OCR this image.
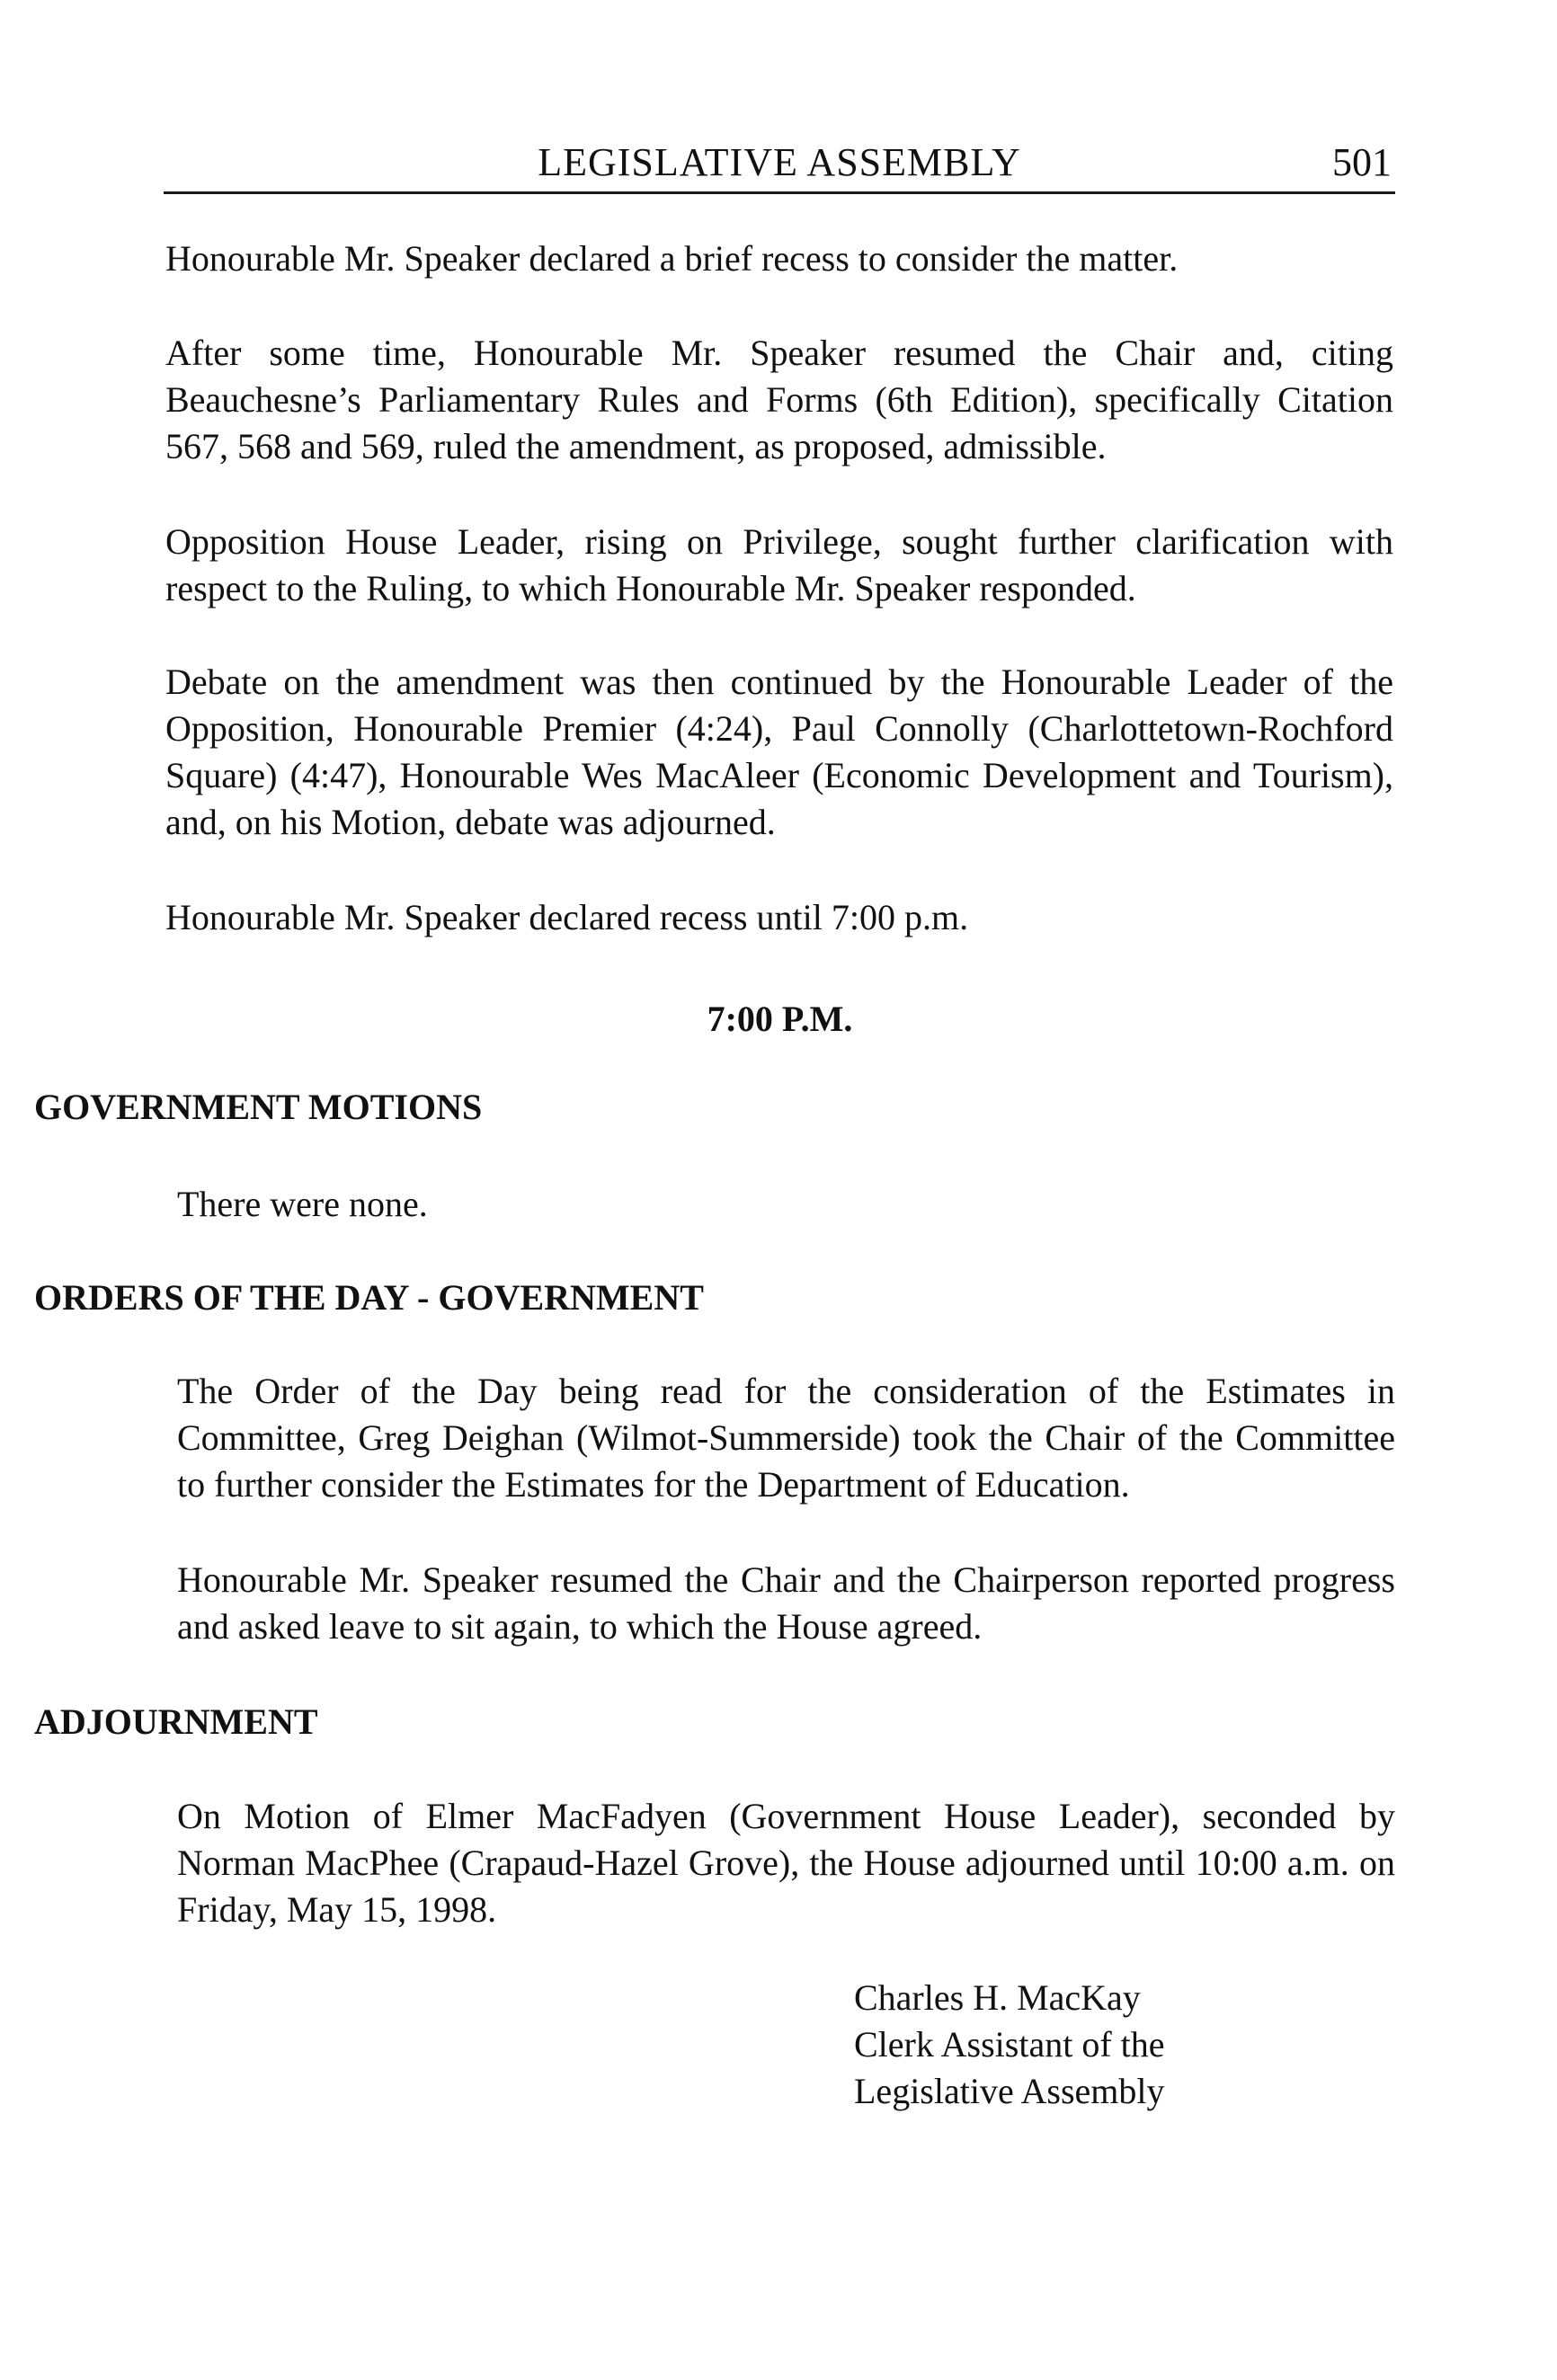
LEGISLATIVE ASSEMBLY	501

Honourable Mr. Speaker declared a brief recess to consider the matter.

After some time, Honourable Mr. Speaker resumed the Chair and, citing Beauchesne’s Parliamentary Rules and Forms (6th Edition), specifically Citation 567, 568 and 569, ruled the amendment, as proposed, admissible.

Opposition House Leader, rising on Privilege, sought further clarification with respect to the Ruling, to which Honourable Mr. Speaker responded.

Debate on the amendment was then continued by the Honourable Leader of the Opposition, Honourable Premier (4:24), Paul Connolly (Charlottetown-Rochford Square) (4:47), Honourable Wes MacAleer (Economic Development and Tourism), and, on his Motion, debate was adjourned.

Honourable Mr. Speaker declared recess until 7:00 p.m.

7:00 P.M.
GOVERNMENT MOTIONS

There were none.

ORDERS OF THE DAY - GOVERNMENT

The Order of the Day being read for the consideration of the Estimates in Committee, Greg Deighan (Wilmot-Summerside) took the Chair of the Committee to further consider the Estimates for the Department of Education.

Honourable Mr. Speaker resumed the Chair and the Chairperson reported progress and asked leave to sit again, to which the House agreed.

ADJOURNMENT

On Motion of Elmer MacFadyen (Government House Leader), seconded by Norman MacPhee (Crapaud-Hazel Grove), the House adjourned until 10:00 a.m. on Friday, May 15, 1998.

Charles H. MacKay
Clerk Assistant of the
Legislative Assembly
